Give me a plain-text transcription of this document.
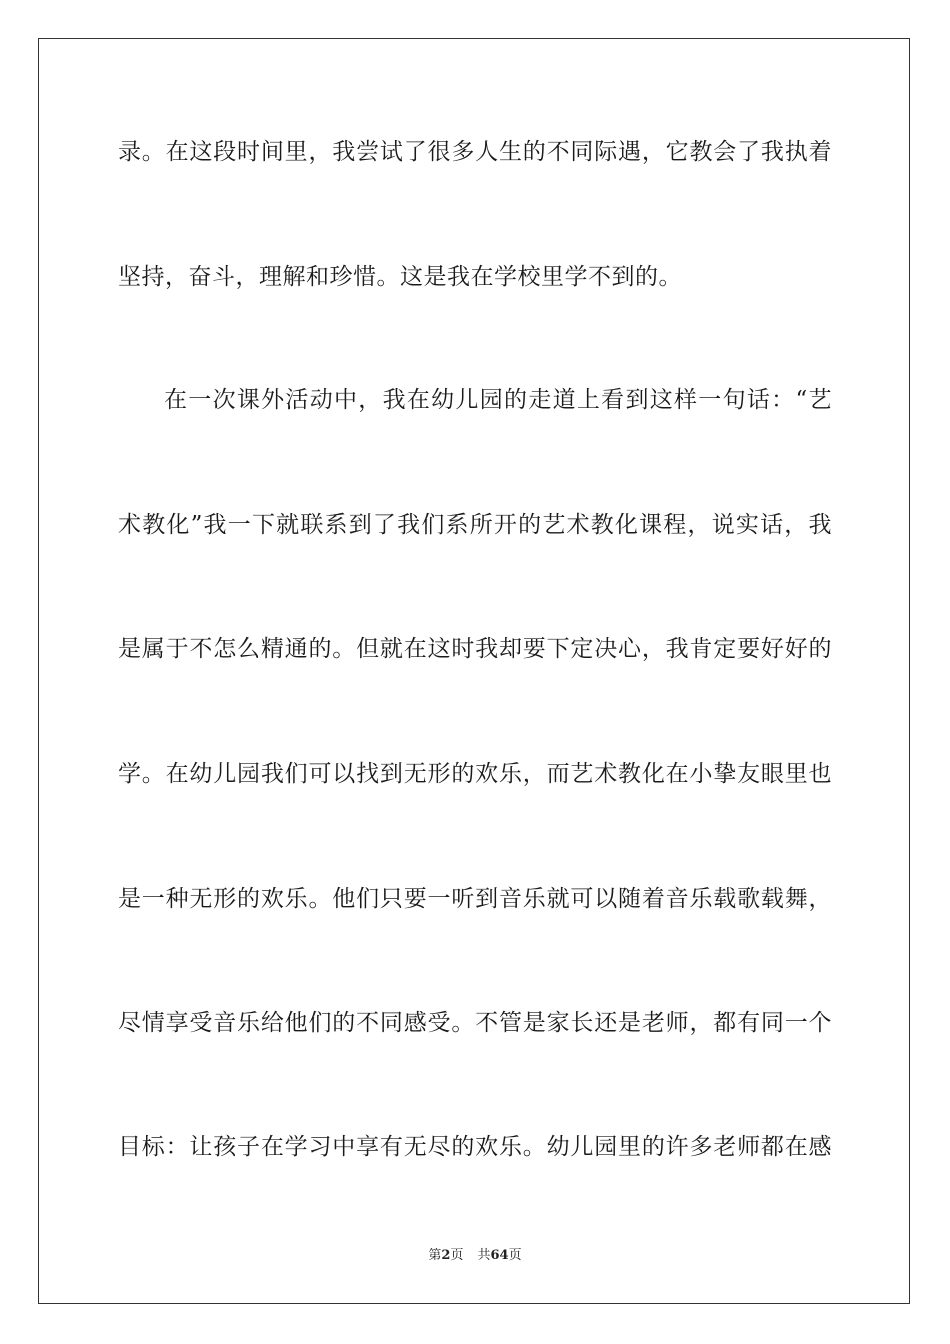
录。在这段时间里，我尝试了很多人生的不同际遇，它教会了我执着
坚持，奋斗，理解和珍惜。这是我在学校里学不到的。
在一次课外活动中，我在幼儿园的走道上看到这样一句话：“艺
术教化”我一下就联系到了我们系所开的艺术教化课程，说实话，我
是属于不怎么精通的。但就在这时我却要下定决心，我肯定要好好的
学。在幼儿园我们可以找到无形的欢乐，而艺术教化在小挚友眼里也
是一种无形的欢乐。他们只要一听到音乐就可以随着音乐载歌载舞，
尽情享受音乐给他们的不同感受。不管是家长还是老师，都有同一个
目标：让孩子在学习中享有无尽的欢乐。幼儿园里的许多老师都在感
第2页 共64页
